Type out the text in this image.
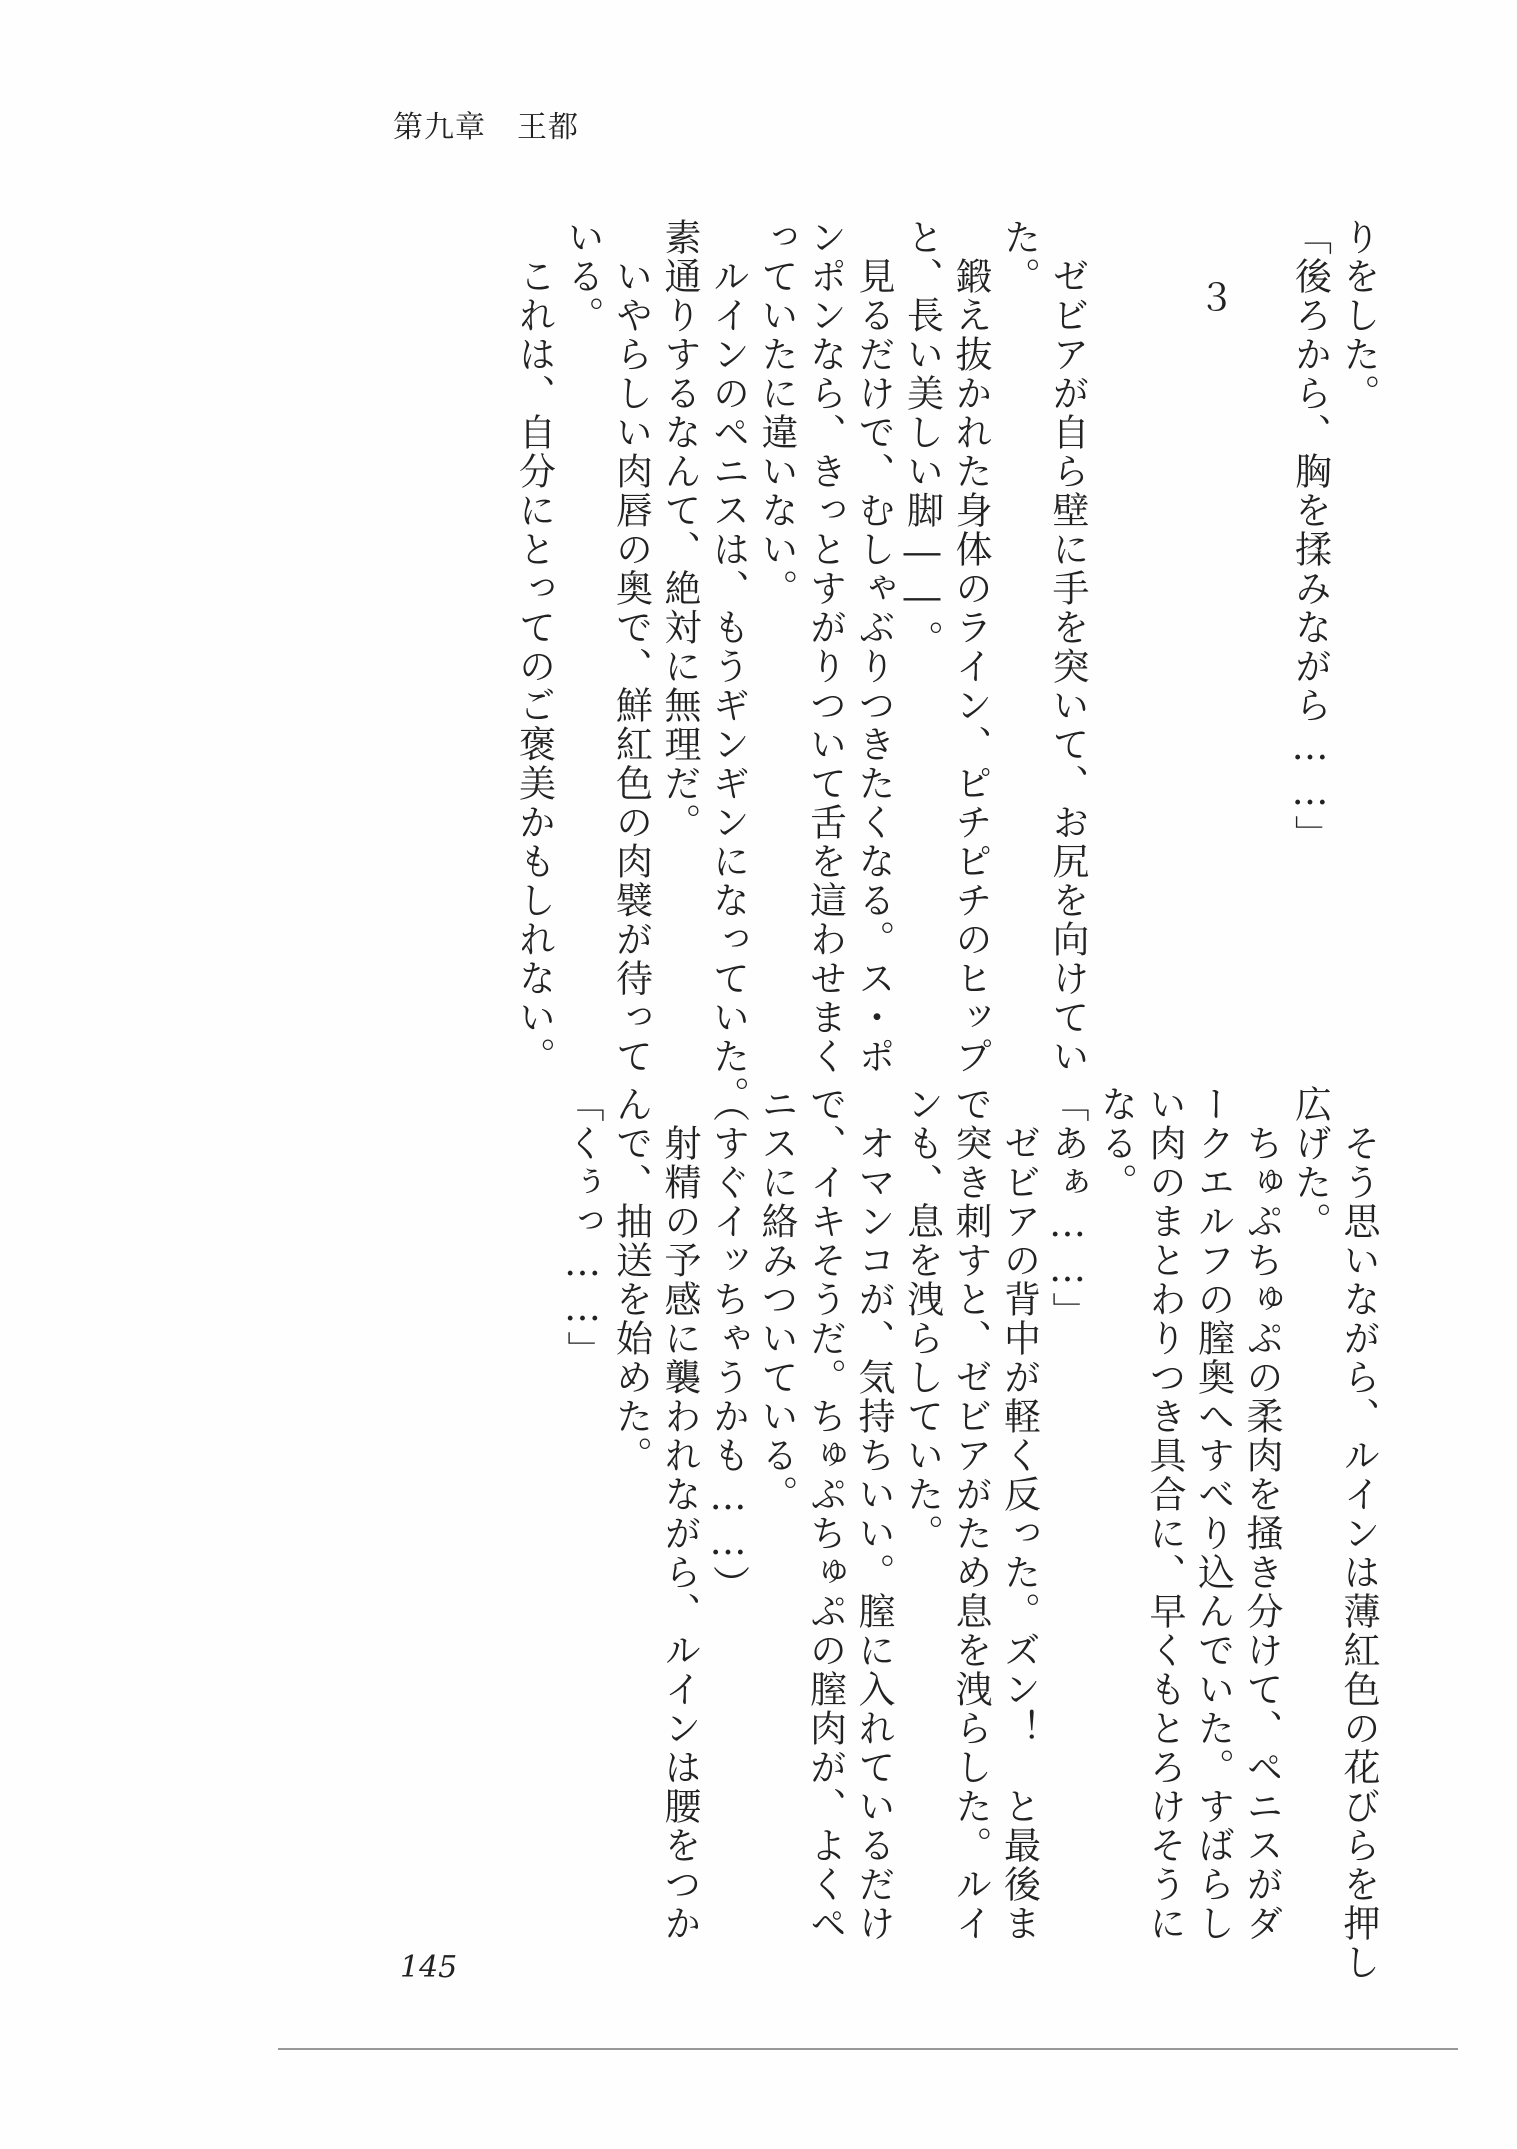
第九章　王都
りをした。
「後ろから、胸を揉みながら……」
３
　ゼビアが自ら壁に手を突いて、お尻を向けてい
た。
　鍛え抜かれた身体のライン、ピチピチのヒップ
と、長い美しい脚――。
　見るだけで、むしゃぶりつきたくなる。ス・ポ
ンポンなら、きっとすがりついて舌を這わせまく
っていたに違いない。
　ルインのペニスは、もうギンギンになっていた。
素通りするなんて、絶対に無理だ。
　いやらしい肉唇の奥で、鮮紅色の肉襞が待って
いる。
　これは、自分にとってのご褒美かもしれない。
　そう思いながら、ルインは薄紅色の花びらを押し
広げた。
　ちゅぷちゅぷの柔肉を掻き分けて、ペニスがダ
ークエルフの膣奥へすべり込んでいた。すばらし
い肉のまとわりつき具合に、早くもとろけそうに
なる。
「あぁ……」
　ゼビアの背中が軽く反った。ズン！　と最後ま
で突き刺すと、ゼビアがため息を洩らした。ルイ
ンも、息を洩らしていた。
　オマンコが、気持ちいい。膣に入れているだけ
で、イキそうだ。ちゅぷちゅぷの膣肉が、よくペ
ニスに絡みついている。
（すぐイッちゃうかも……）
　射精の予感に襲われながら、ルインは腰をつか
んで、抽送を始めた。
「くぅっ……」
145
